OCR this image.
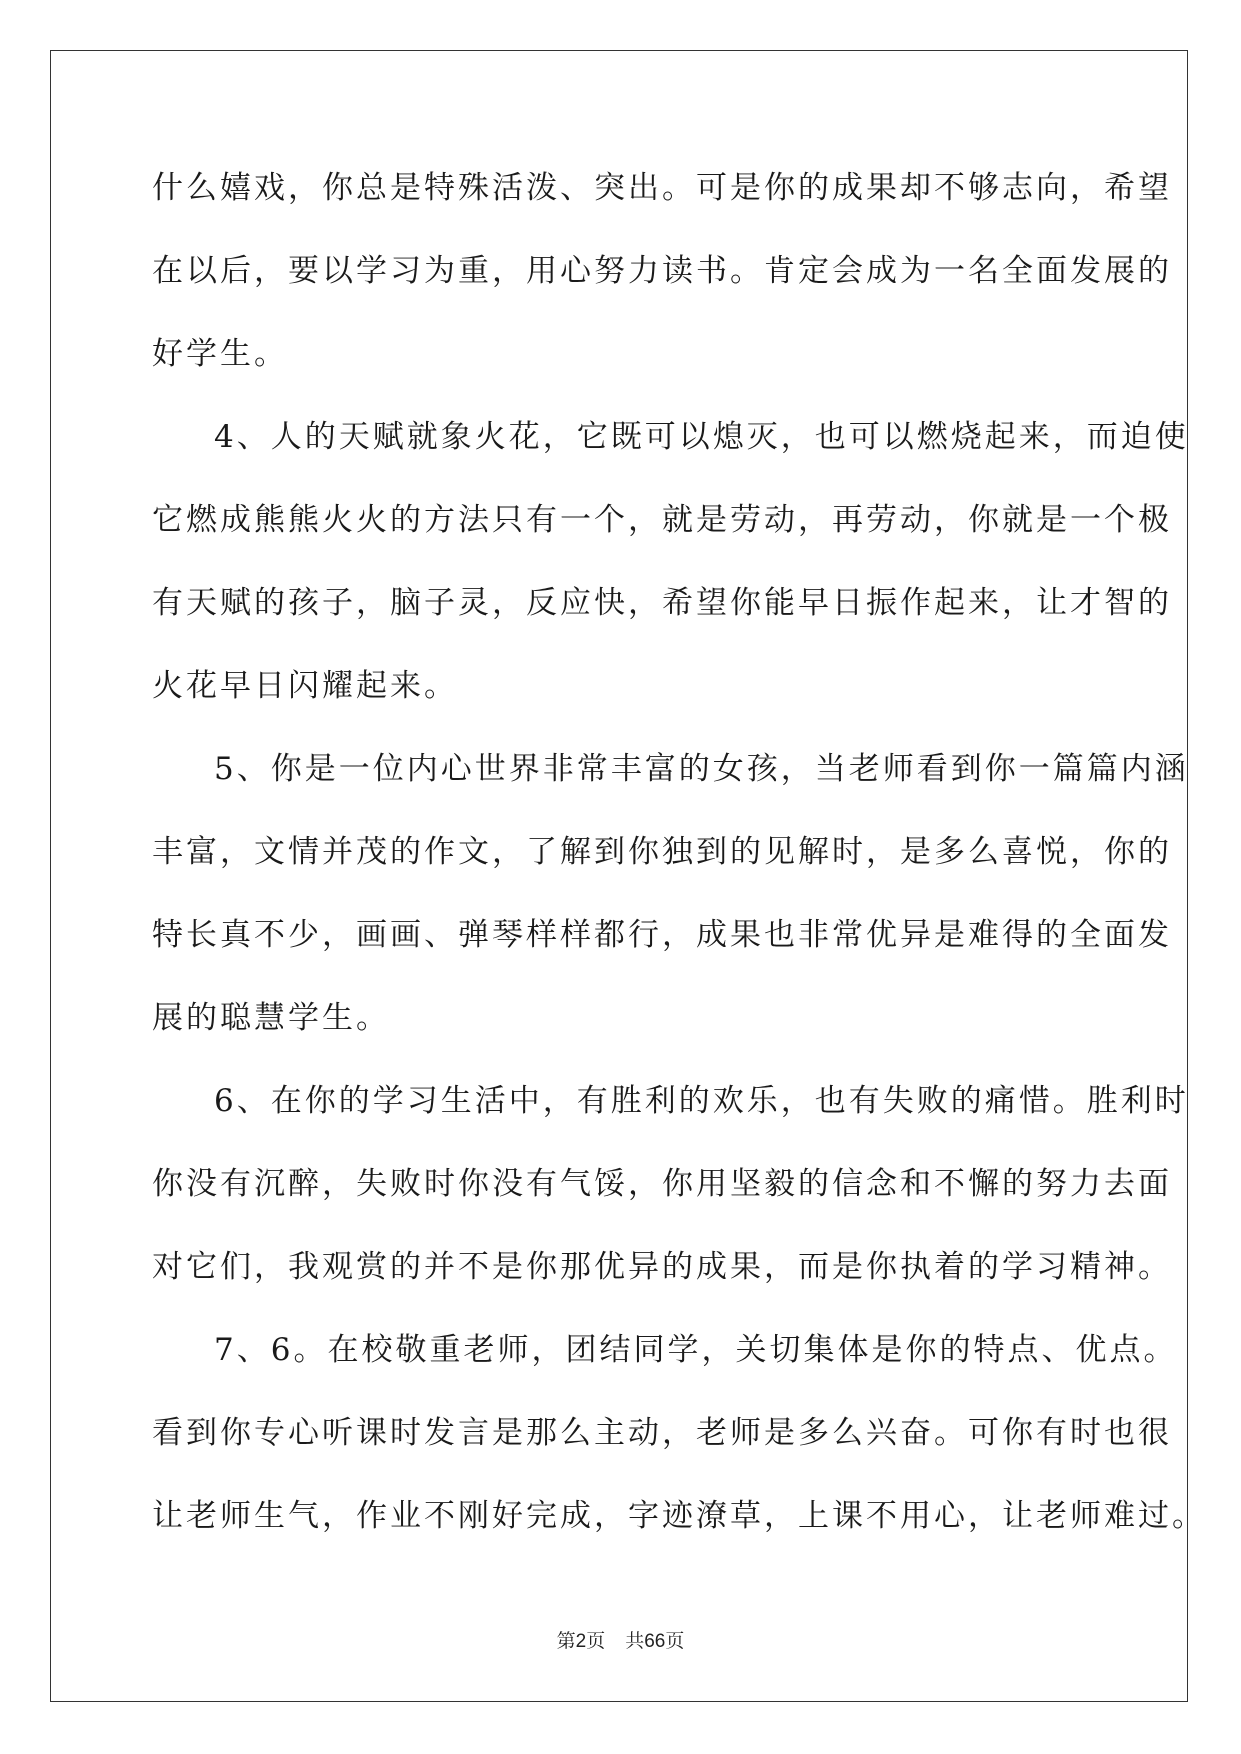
什么嬉戏，你总是特殊活泼、突出。可是你的成果却不够志向，希望
在以后，要以学习为重，用心努力读书。肯定会成为一名全面发展的
好学生。
4、人的天赋就象火花，它既可以熄灭，也可以燃烧起来，而迫使
它燃成熊熊火火的方法只有一个，就是劳动，再劳动，你就是一个极
有天赋的孩子，脑子灵，反应快，希望你能早日振作起来，让才智的
火花早日闪耀起来。
5、你是一位内心世界非常丰富的女孩，当老师看到你一篇篇内涵
丰富，文情并茂的作文，了解到你独到的见解时，是多么喜悦，你的
特长真不少，画画、弹琴样样都行，成果也非常优异是难得的全面发
展的聪慧学生。
6、在你的学习生活中，有胜利的欢乐，也有失败的痛惜。胜利时
你没有沉醉，失败时你没有气馁，你用坚毅的信念和不懈的努力去面
对它们，我观赏的并不是你那优异的成果，而是你执着的学习精神。
7、6。在校敬重老师，团结同学，关切集体是你的特点、优点。
看到你专心听课时发言是那么主动，老师是多么兴奋。可你有时也很
让老师生气，作业不刚好完成，字迹潦草，上课不用心，让老师难过。
第2页 共66页
